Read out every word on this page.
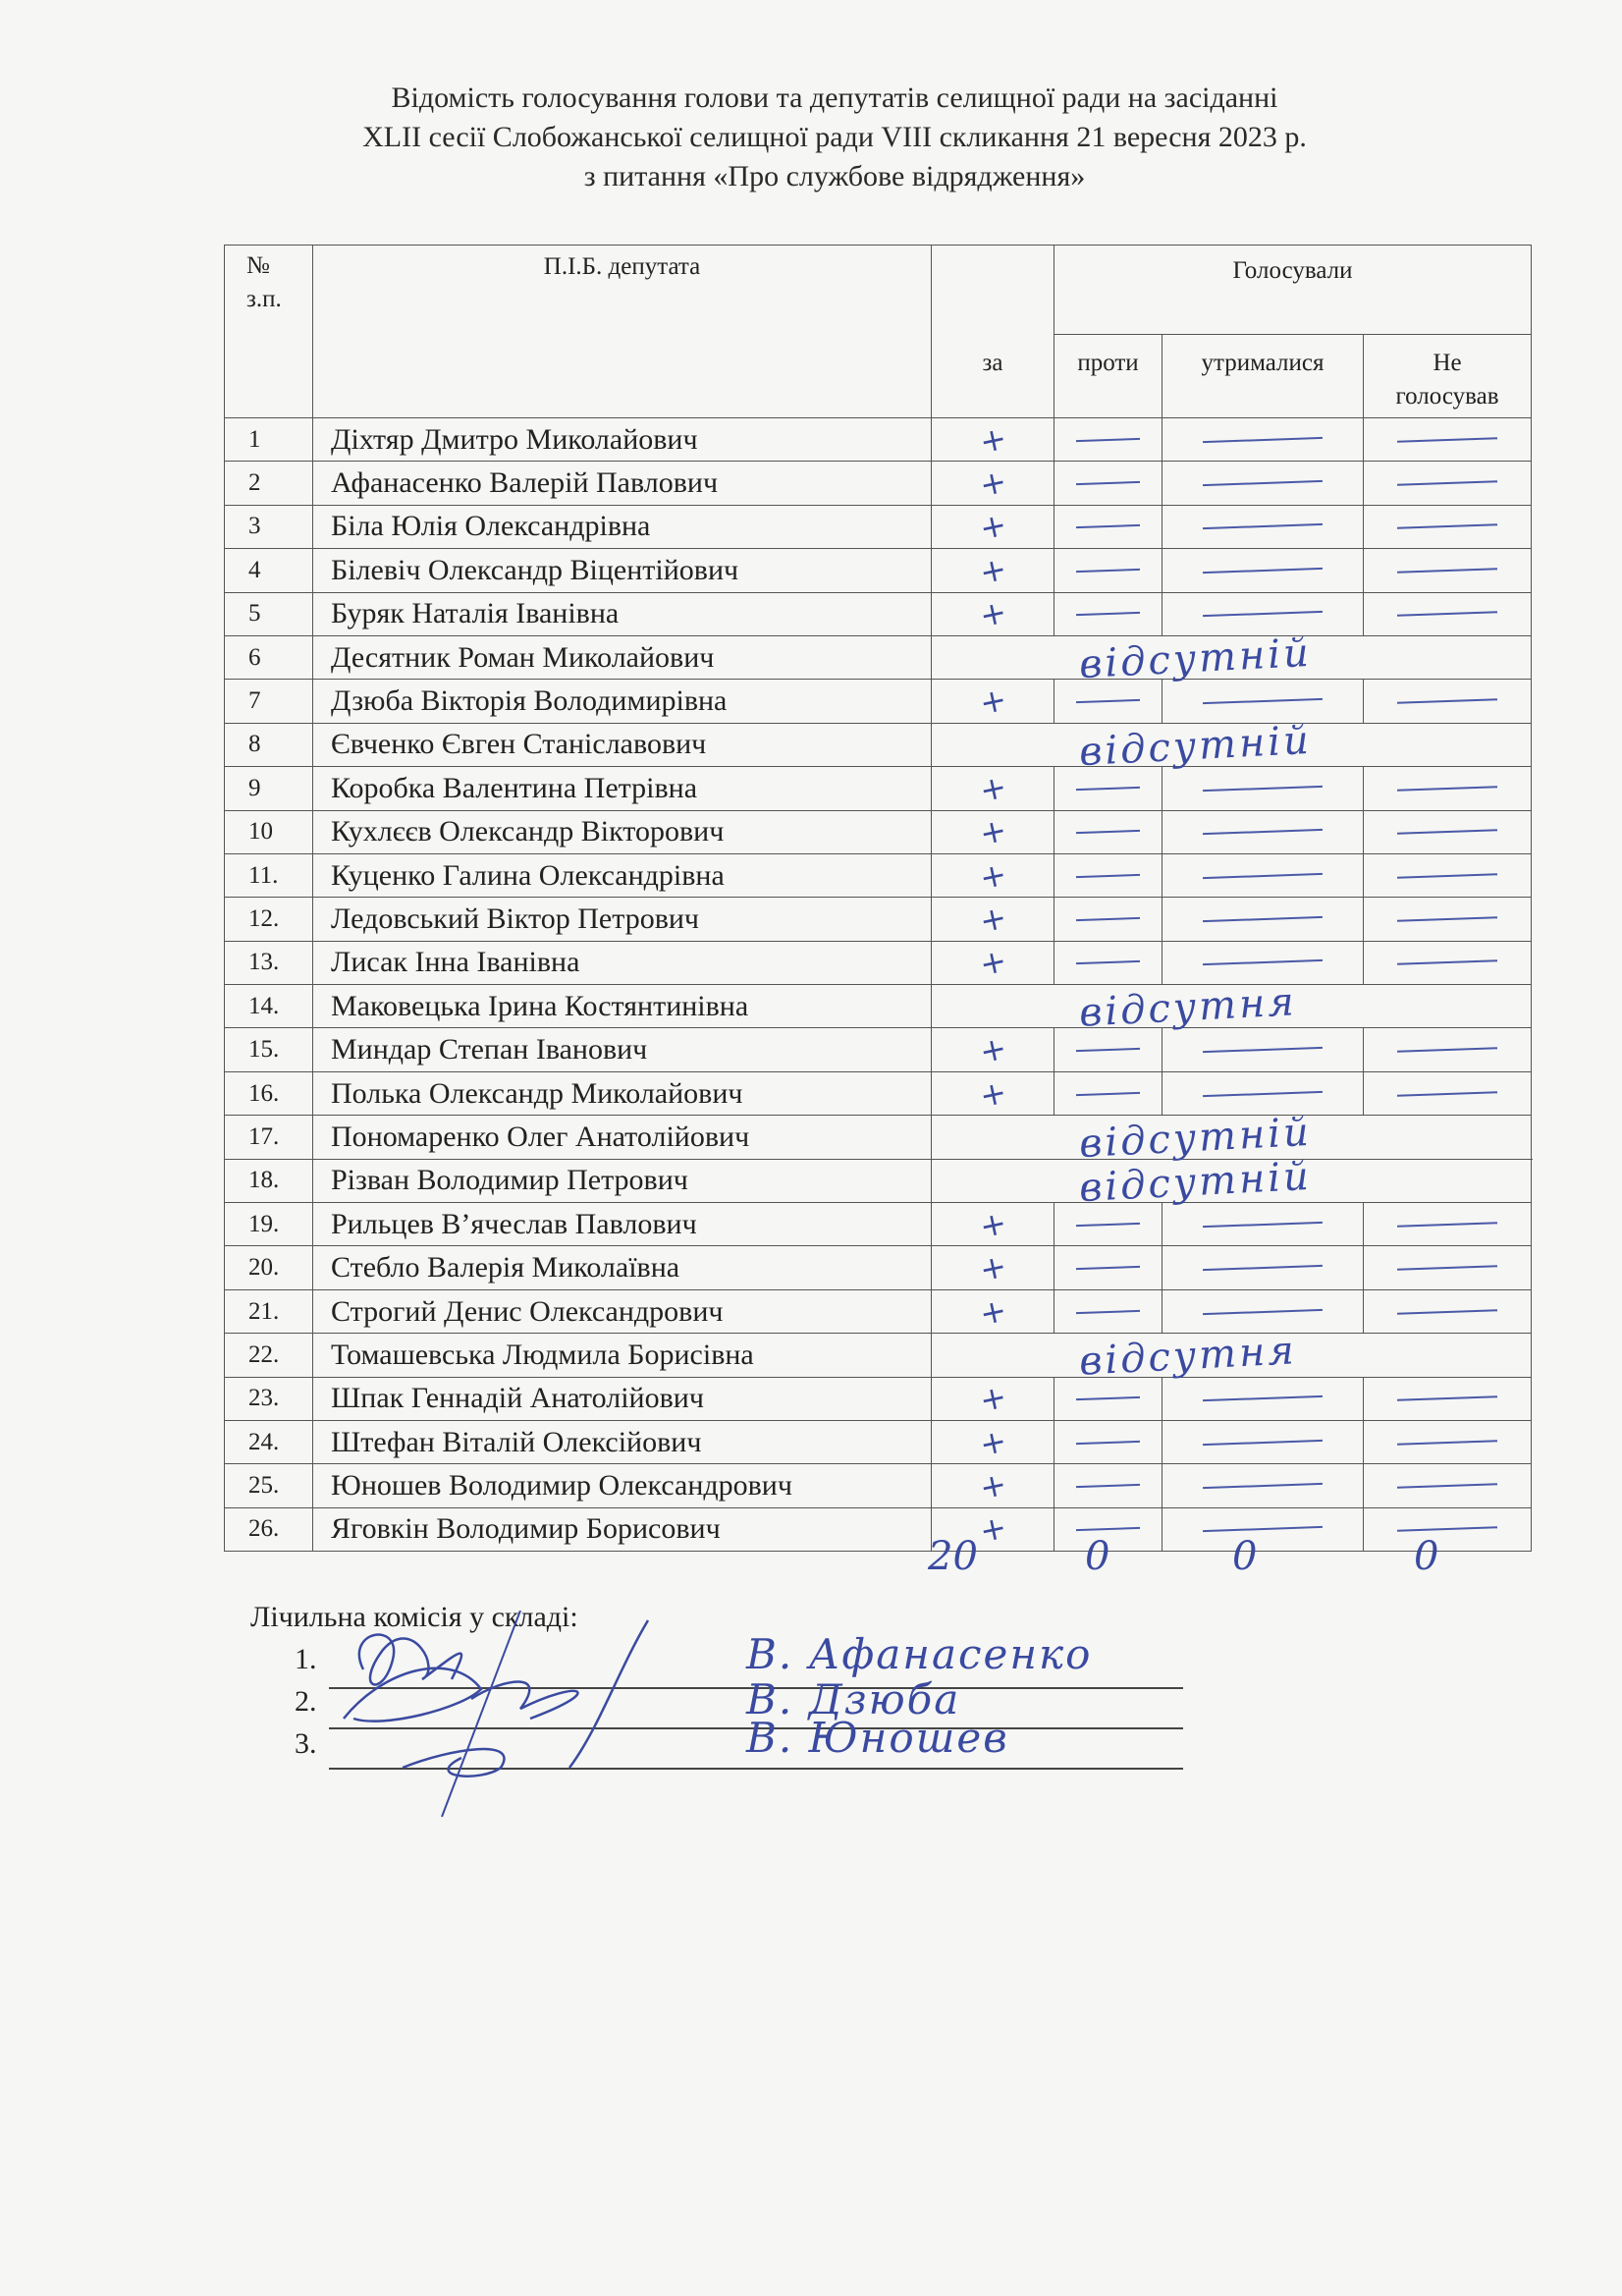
Відомість голосування голови та депутатів селищної ради на засіданні
XLII сесії Слобожанської селищної ради VIII скликання 21 вересня 2023 р.
з питання «Про службове відрядження»
№
з.п.	П.І.Б. депутата		Голосували		
		за	проти	утрималися	Не
голосував
1	Діхтяр Дмитро Миколайович	+	

2	Афанасенко Валерій Павлович	+	

3	Біла Юлія Олександрівна	+	

4	Білевіч Олександр Віцентійович	+	

5	Буряк Наталія Іванівна	+	

6	Десятник Роман Миколайович	відсутній			

7	Дзюба Вікторія Володимирівна	+	

8	Євченко Євген Станіславович	відсутній			

9	Коробка Валентина Петрівна	+	

10	Кухлєєв Олександр Вікторович	+	

11.	Куценко Галина Олександрівна	+	

12.	Ледовський Віктор Петрович	+	

13.	Лисак Інна Іванівна	+	

14.	Маковецька Ірина Костянтинівна	відсутня			

15.	Миндар Степан Іванович	+	

16.	Полька Олександр Миколайович	+	

17.	Пономаренко Олег Анатолійович	відсутній			

18.	Різван Володимир Петрович	відсутній			

19.	Рильцев В’ячеслав Павлович	+	

20.	Стебло Валерія Миколаївна	+	

21.	Строгий Денис Олександрович	+	

22.	Томашевська Людмила Борисівна	відсутня			

23.	Шпак Геннадій Анатолійович	+	

24.	Штефан Віталій Олексійович	+	

25.	Юношев Володимир Олександрович	+	

26.	Яговкін Володимир Борисович	+	

20	0	0	0
Лічильна комісія у складі:
1.	В. Афанасенко
2.	В. Дзюба
3.	В. Юношев
